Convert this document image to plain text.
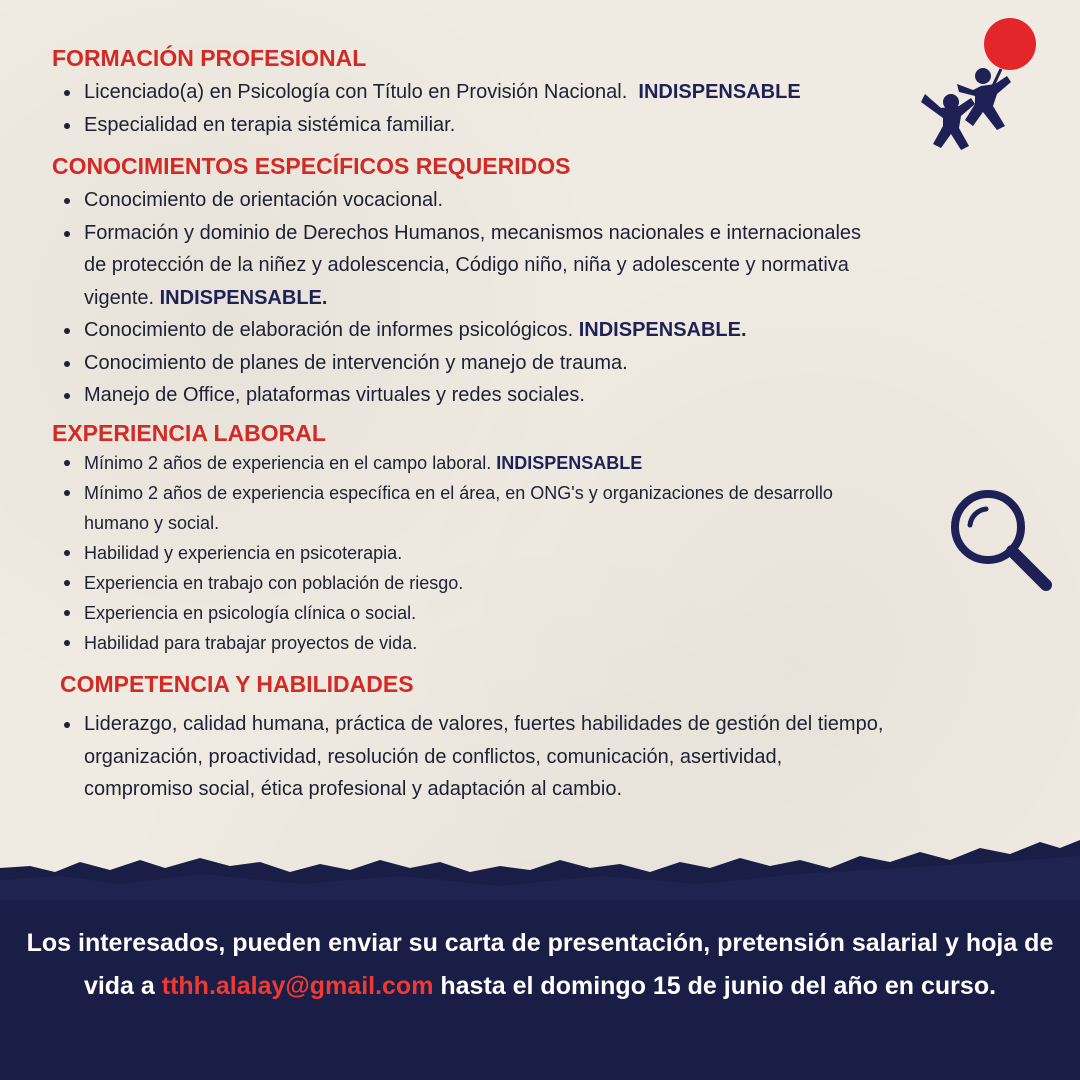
FORMACIÓN PROFESIONAL
Licenciado(a) en Psicología con Título en Provisión Nacional. INDISPENSABLE
Especialidad en terapia sistémica familiar.
CONOCIMIENTOS ESPECÍFICOS REQUERIDOS
Conocimiento de orientación vocacional.
Formación y dominio de Derechos Humanos, mecanismos nacionales e internacionales de protección de la niñez y adolescencia, Código niño, niña y adolescente y normativa vigente. INDISPENSABLE.
Conocimiento de elaboración de informes psicológicos. INDISPENSABLE.
Conocimiento de planes de intervención y manejo de trauma.
Manejo de Office, plataformas virtuales y redes sociales.
EXPERIENCIA LABORAL
Mínimo 2 años de experiencia en el campo laboral. INDISPENSABLE
Mínimo 2 años de experiencia específica en el área, en ONG's y organizaciones de desarrollo humano y social.
Habilidad y experiencia en psicoterapia.
Experiencia en trabajo con población de riesgo.
Experiencia en psicología clínica o social.
Habilidad para trabajar proyectos de vida.
COMPETENCIA Y HABILIDADES
Liderazgo, calidad humana, práctica de valores, fuertes habilidades de gestión del tiempo, organización, proactividad, resolución de conflictos, comunicación, asertividad, compromiso social, ética profesional y adaptación al cambio.
Los interesados, pueden enviar su carta de presentación, pretensión salarial y hoja de vida a tthh.alalay@gmail.com hasta el domingo 15 de junio del año en curso.
